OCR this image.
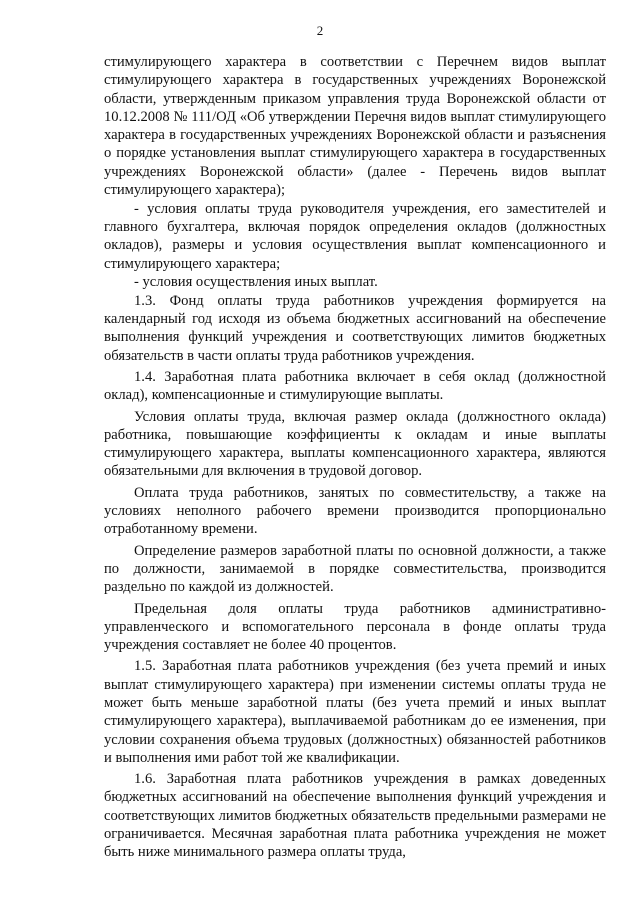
2

стимулирующего характера в соответствии с Перечнем видов выплат стимулирующего характера в государственных учреждениях Воронежской области, утвержденным приказом управления труда Воронежской области от 10.12.2008 № 111/ОД «Об утверждении Перечня видов выплат стимулирующего характера в государственных учреждениях Воронежской области и разъяснения о порядке установления выплат стимулирующего характера в государственных учреждениях Воронежской области» (далее - Перечень видов выплат стимулирующего характера);

- условия оплаты труда руководителя учреждения, его заместителей и главного бухгалтера, включая порядок определения окладов (должностных окладов), размеры и условия осуществления выплат компенсационного и стимулирующего характера;

- условия осуществления иных выплат.

1.3. Фонд оплаты труда работников учреждения формируется на календарный год исходя из объема бюджетных ассигнований на обеспечение выполнения функций учреждения и соответствующих лимитов бюджетных обязательств в части оплаты труда работников учреждения.

1.4. Заработная плата работника включает в себя оклад (должностной оклад), компенсационные и стимулирующие выплаты.

Условия оплаты труда, включая размер оклада (должностного оклада) работника, повышающие коэффициенты к окладам и иные выплаты стимулирующего характера, выплаты компенсационного характера, являются обязательными для включения в трудовой договор.

Оплата труда работников, занятых по совместительству, а также на условиях неполного рабочего времени производится пропорционально отработанному времени.

Определение размеров заработной платы по основной должности, а также по должности, занимаемой в порядке совместительства, производится раздельно по каждой из должностей.

Предельная доля оплаты труда работников административно-управленческого и вспомогательного персонала в фонде оплаты труда учреждения составляет не более 40 процентов.

1.5. Заработная плата работников учреждения (без учета премий и иных выплат стимулирующего характера) при изменении системы оплаты труда не может быть меньше заработной платы (без учета премий и иных выплат стимулирующего характера), выплачиваемой работникам до ее изменения, при условии сохранения объема трудовых (должностных) обязанностей работников и выполнения ими работ той же квалификации.

1.6. Заработная плата работников учреждения в рамках доведенных бюджетных ассигнований на обеспечение выполнения функций учреждения и соответствующих лимитов бюджетных обязательств предельными размерами не ограничивается. Месячная заработная плата работника учреждения не может быть ниже минимального размера оплаты труда,
